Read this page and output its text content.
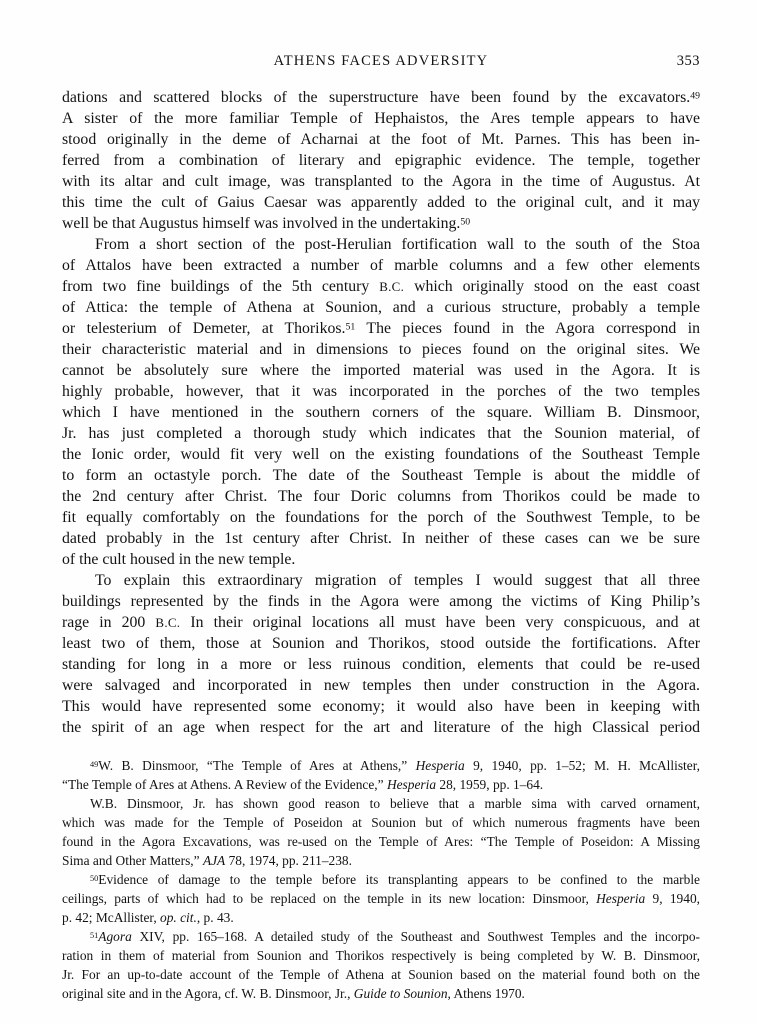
ATHENS FACES ADVERSITY	353
dations and scattered blocks of the superstructure have been found by the excavators.$^{49}$
A sister of the more familiar Temple of Hephaistos, the Ares temple appears to have
stood originally in the deme of Acharnai at the foot of Mt. Parnes. This has been in-
ferred from a combination of literary and epigraphic evidence. The temple, together
with its altar and cult image, was transplanted to the Agora in the time of Augustus. At
this time the cult of Gaius Caesar was apparently added to the original cult, and it may
well be that Augustus himself was involved in the undertaking.$^{50}$
From a short section of the post-Herulian fortification wall to the south of the Stoa
of Attalos have been extracted a number of marble columns and a few other elements
from two fine buildings of the 5th century B.C. which originally stood on the east coast
of Attica: the temple of Athena at Sounion, and a curious structure, probably a temple
or telesterium of Demeter, at Thorikos.$^{51}$ The pieces found in the Agora correspond in
their characteristic material and in dimensions to pieces found on the original sites. We
cannot be absolutely sure where the imported material was used in the Agora. It is
highly probable, however, that it was incorporated in the porches of the two temples
which I have mentioned in the southern corners of the square. William B. Dinsmoor,
Jr. has just completed a thorough study which indicates that the Sounion material, of
the Ionic order, would fit very well on the existing foundations of the Southeast Temple
to form an octastyle porch. The date of the Southeast Temple is about the middle of
the 2nd century after Christ. The four Doric columns from Thorikos could be made to
fit equally comfortably on the foundations for the porch of the Southwest Temple, to be
dated probably in the 1st century after Christ. In neither of these cases can we be sure
of the cult housed in the new temple.
To explain this extraordinary migration of temples I would suggest that all three
buildings represented by the finds in the Agora were among the victims of King Philip’s
rage in 200 B.C. In their original locations all must have been very conspicuous, and at
least two of them, those at Sounion and Thorikos, stood outside the fortifications. After
standing for long in a more or less ruinous condition, elements that could be re-used
were salvaged and incorporated in new temples then under construction in the Agora.
This would have represented some economy; it would also have been in keeping with
the spirit of an age when respect for the art and literature of the high Classical period
$^{49}$W. B. Dinsmoor, “The Temple of Ares at Athens,” Hesperia 9, 1940, pp. 1–52; M. H. McAllister,
“The Temple of Ares at Athens. A Review of the Evidence,” Hesperia 28, 1959, pp. 1–64.
W.B. Dinsmoor, Jr. has shown good reason to believe that a marble sima with carved ornament,
which was made for the Temple of Poseidon at Sounion but of which numerous fragments have been
found in the Agora Excavations, was re-used on the Temple of Ares: “The Temple of Poseidon: A Missing
Sima and Other Matters,” AJA 78, 1974, pp. 211–238.
$^{50}$Evidence of damage to the temple before its transplanting appears to be confined to the marble
ceilings, parts of which had to be replaced on the temple in its new location: Dinsmoor, Hesperia 9, 1940,
p. 42; McAllister, op. cit., p. 43.
$^{51}$Agora XIV, pp. 165–168. A detailed study of the Southeast and Southwest Temples and the incorpo-
ration in them of material from Sounion and Thorikos respectively is being completed by W. B. Dinsmoor,
Jr. For an up-to-date account of the Temple of Athena at Sounion based on the material found both on the
original site and in the Agora, cf. W. B. Dinsmoor, Jr., Guide to Sounion, Athens 1970.
